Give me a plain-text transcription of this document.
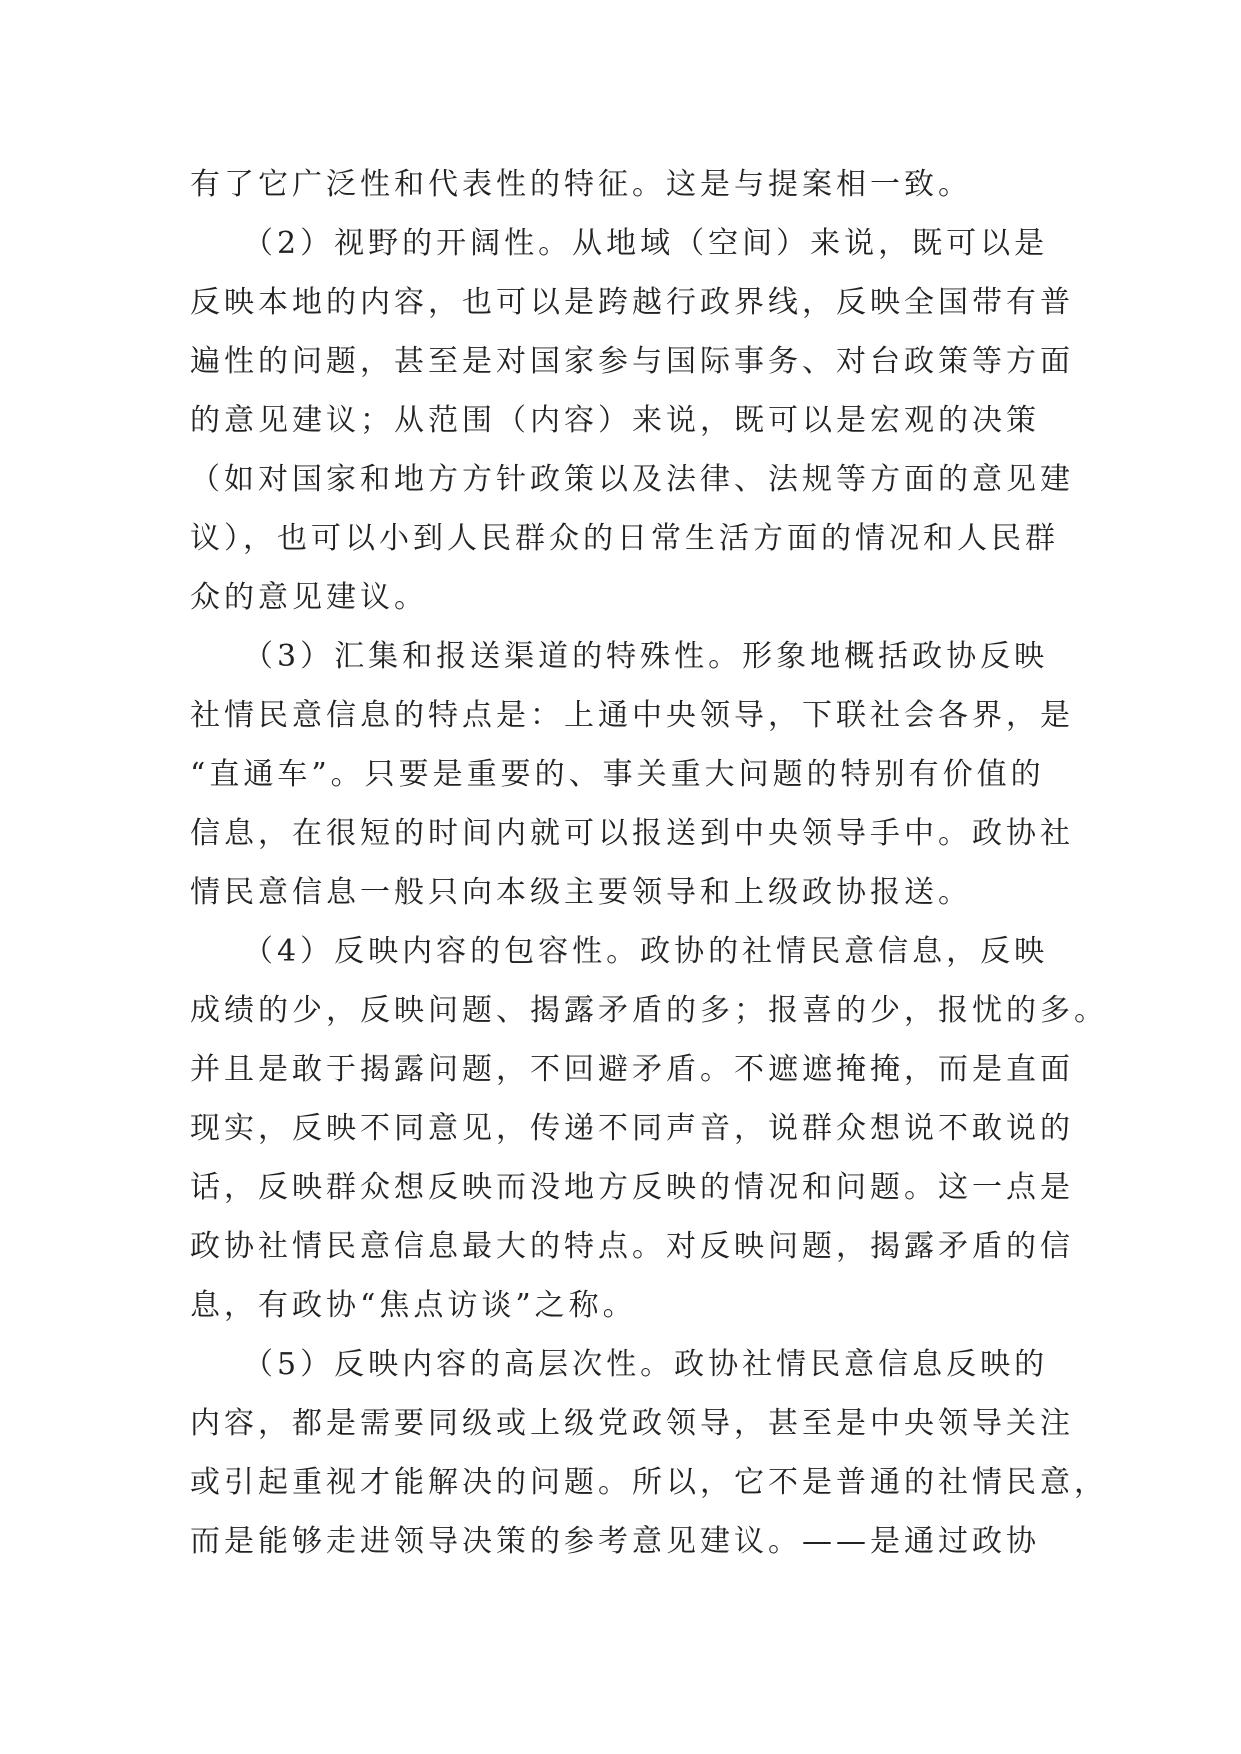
有了它广泛性和代表性的特征。这是与提案相一致。
　　（2）视野的开阔性。从地域（空间）来说，既可以是
反映本地的内容，也可以是跨越行政界线，反映全国带有普
遍性的问题，甚至是对国家参与国际事务、对台政策等方面
的意见建议；从范围（内容）来说，既可以是宏观的决策
（如对国家和地方方针政策以及法律、法规等方面的意见建
议），也可以小到人民群众的日常生活方面的情况和人民群
众的意见建议。
　　（3）汇集和报送渠道的特殊性。形象地概括政协反映
社情民意信息的特点是：上通中央领导，下联社会各界，是
“直通车”。只要是重要的、事关重大问题的特别有价值的
信息，在很短的时间内就可以报送到中央领导手中。政协社
情民意信息一般只向本级主要领导和上级政协报送。
　　（4）反映内容的包容性。政协的社情民意信息，反映
成绩的少，反映问题、揭露矛盾的多；报喜的少，报忧的多。
并且是敢于揭露问题，不回避矛盾。不遮遮掩掩，而是直面
现实，反映不同意见，传递不同声音，说群众想说不敢说的
话，反映群众想反映而没地方反映的情况和问题。这一点是
政协社情民意信息最大的特点。对反映问题，揭露矛盾的信
息，有政协“焦点访谈”之称。
　　（5）反映内容的高层次性。政协社情民意信息反映的
内容，都是需要同级或上级党政领导，甚至是中央领导关注
或引起重视才能解决的问题。所以，它不是普通的社情民意，
而是能够走进领导决策的参考意见建议。——是通过政协
